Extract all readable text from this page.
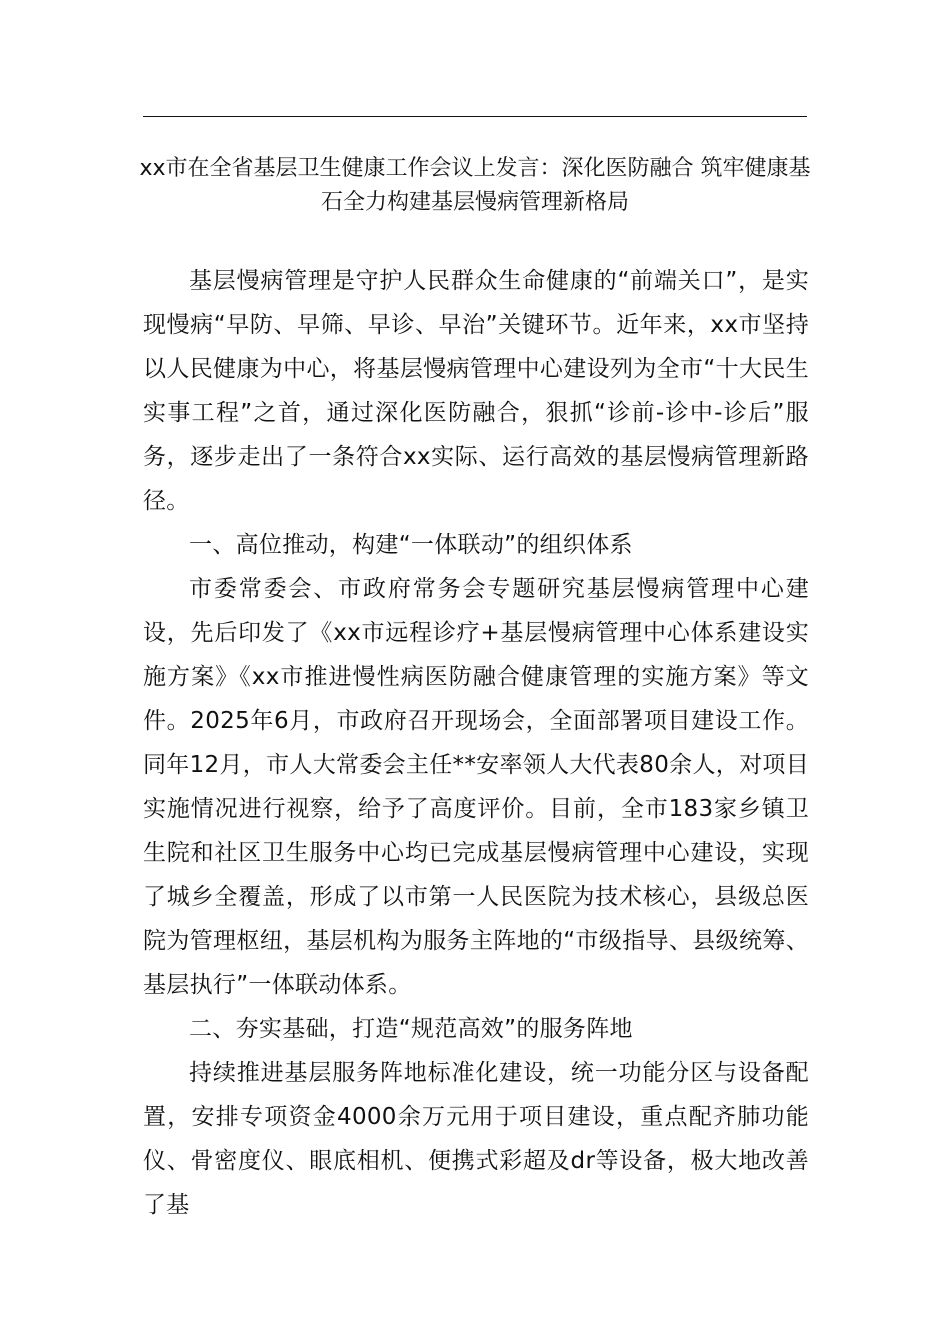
xx市在全省基层卫生健康工作会议上发言：深化医防融合 筑牢健康基石全力构建基层慢病管理新格局

基层慢病管理是守护人民群众生命健康的“前端关口”，是实现慢病“早防、早筛、早诊、早治”关键环节。近年来，xx市坚持以人民健康为中心，将基层慢病管理中心建设列为全市“十大民生实事工程”之首，通过深化医防融合，狠抓“诊前-诊中-诊后”服务，逐步走出了一条符合xx实际、运行高效的基层慢病管理新路径。

一、高位推动，构建“一体联动”的组织体系

市委常委会、市政府常务会专题研究基层慢病管理中心建设，先后印发了《xx市远程诊疗+基层慢病管理中心体系建设实施方案》《xx市推进慢性病医防融合健康管理的实施方案》等文件。2025年6月，市政府召开现场会，全面部署项目建设工作。同年12月，市人大常委会主任**安率领人大代表80余人，对项目实施情况进行视察，给予了高度评价。目前，全市183家乡镇卫生院和社区卫生服务中心均已完成基层慢病管理中心建设，实现了城乡全覆盖，形成了以市第一人民医院为技术核心，县级总医院为管理枢纽，基层机构为服务主阵地的“市级指导、县级统筹、基层执行”一体联动体系。

二、夯实基础，打造“规范高效”的服务阵地

持续推进基层服务阵地标准化建设，统一功能分区与设备配置，安排专项资金4000余万元用于项目建设，重点配齐肺功能仪、骨密度仪、眼底相机、便携式彩超及dr等设备，极大地改善了基
